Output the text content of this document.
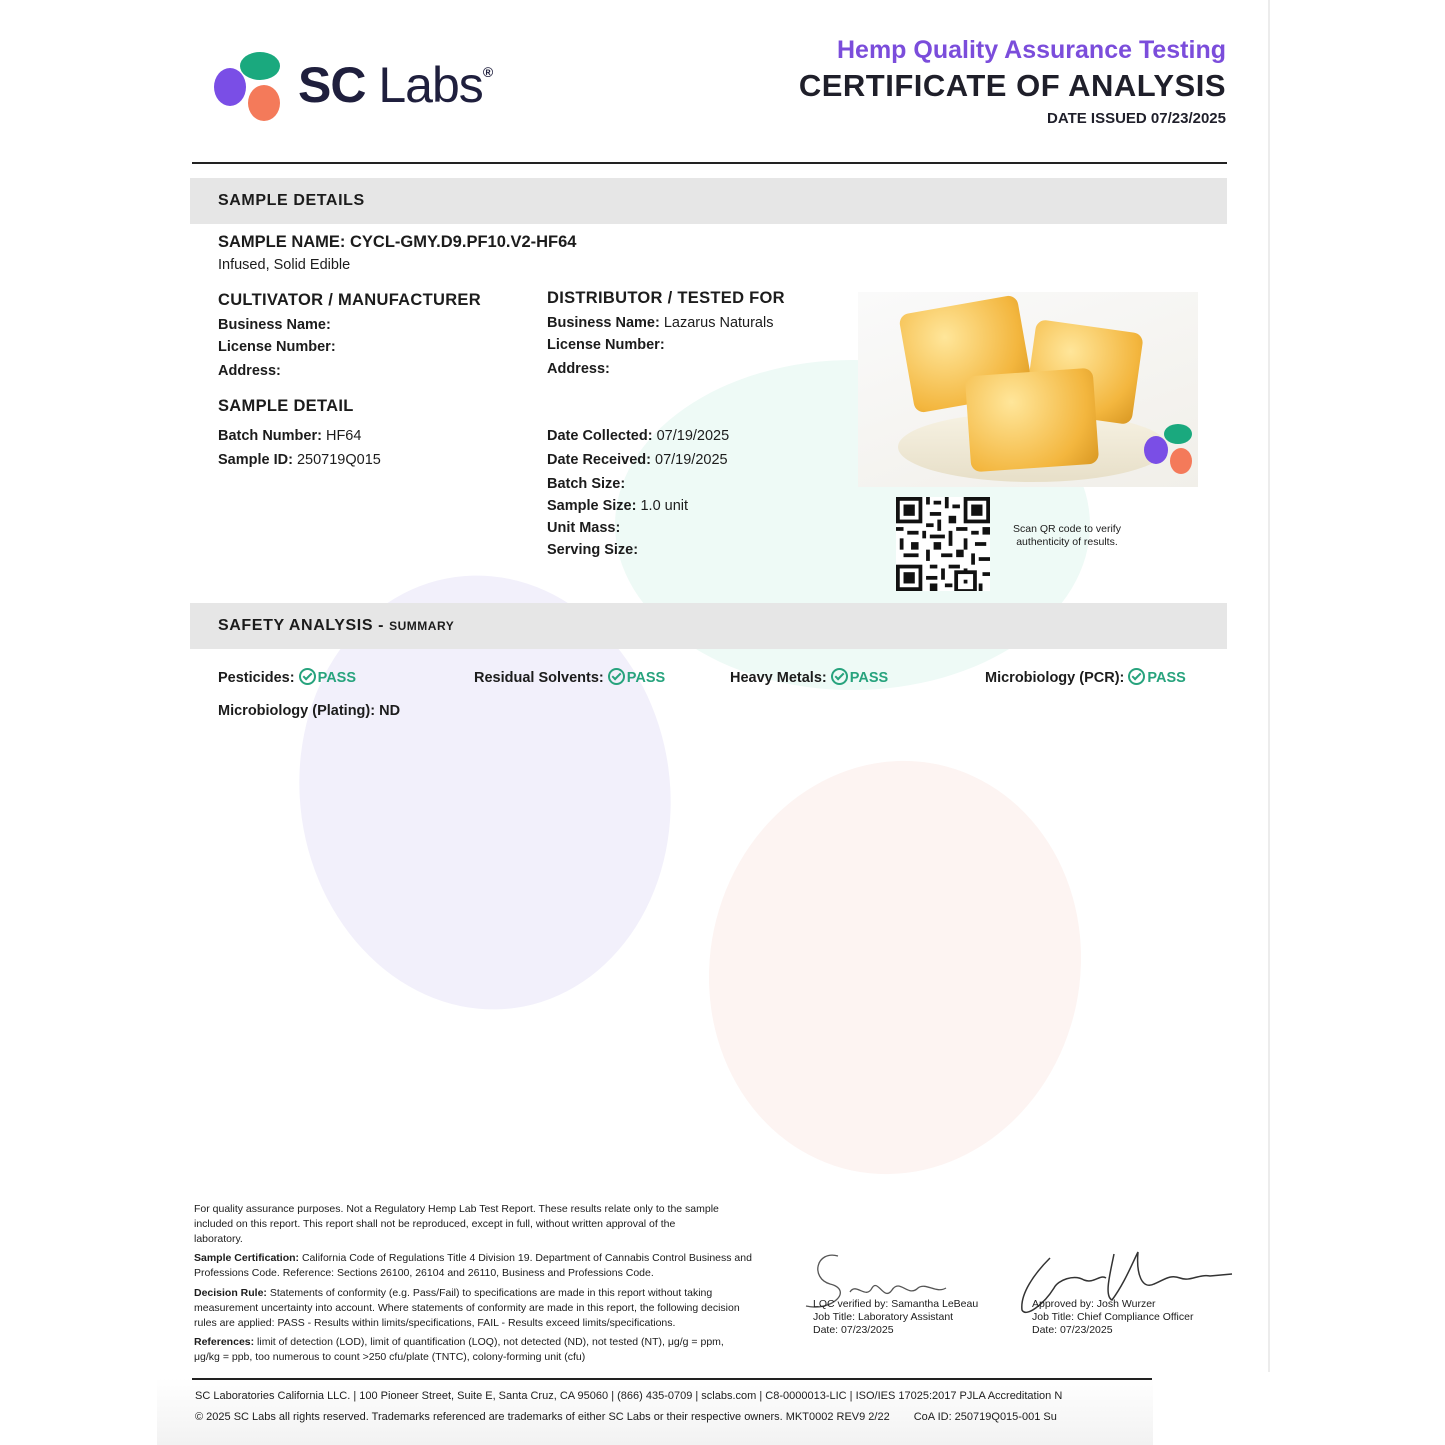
SC Labs®
Hemp Quality Assurance Testing
CERTIFICATE OF ANALYSIS
DATE ISSUED 07/23/2025
SAMPLE DETAILS
SAMPLE NAME: CYCL-GMY.D9.PF10.V2-HF64
Infused, Solid Edible
CULTIVATOR / MANUFACTURER
Business Name:
License Number:
Address:
DISTRIBUTOR / TESTED FOR
Business Name: Lazarus Naturals
License Number:
Address:
SAMPLE DETAIL
Batch Number: HF64
Sample ID: 250719Q015
Date Collected: 07/19/2025
Date Received: 07/19/2025
Batch Size:
Sample Size: 1.0 unit
Unit Mass:
Serving Size:
Scan QR code to verify authenticity of results.
SAFETY ANALYSIS - SUMMARY
Pesticides: PASS	Residual Solvents: PASS	Heavy Metals: PASS	Microbiology (PCR): PASS
Microbiology (Plating): ND
For quality assurance purposes. Not a Regulatory Hemp Lab Test Report. These results relate only to the sample included on this report. This report shall not be reproduced, except in full, without written approval of the laboratory.
Sample Certification: California Code of Regulations Title 4 Division 19. Department of Cannabis Control Business and Professions Code. Reference: Sections 26100, 26104 and 26110, Business and Professions Code.
Decision Rule: Statements of conformity (e.g. Pass/Fail) to specifications are made in this report without taking measurement uncertainty into account. Where statements of conformity are made in this report, the following decision rules are applied: PASS - Results within limits/specifications, FAIL - Results exceed limits/specifications.
References: limit of detection (LOD), limit of quantification (LOQ), not detected (ND), not tested (NT), μg/g = ppm, μg/kg = ppb, too numerous to count >250 cfu/plate (TNTC), colony-forming unit (cfu)
LQC verified by: Samantha LeBeau
Job Title: Laboratory Assistant
Date: 07/23/2025
Approved by: Josh Wurzer
Job Title: Chief Compliance Officer
Date: 07/23/2025
SC Laboratories California LLC. | 100 Pioneer Street, Suite E, Santa Cruz, CA 95060 | (866) 435-0709 | sclabs.com | C8-0000013-LIC | ISO/IES 17025:2017 PJLA Accreditation N
© 2025 SC Labs all rights reserved. Trademarks referenced are trademarks of either SC Labs or their respective owners. MKT0002 REV9 2/22 CoA ID: 250719Q015-001 Su
